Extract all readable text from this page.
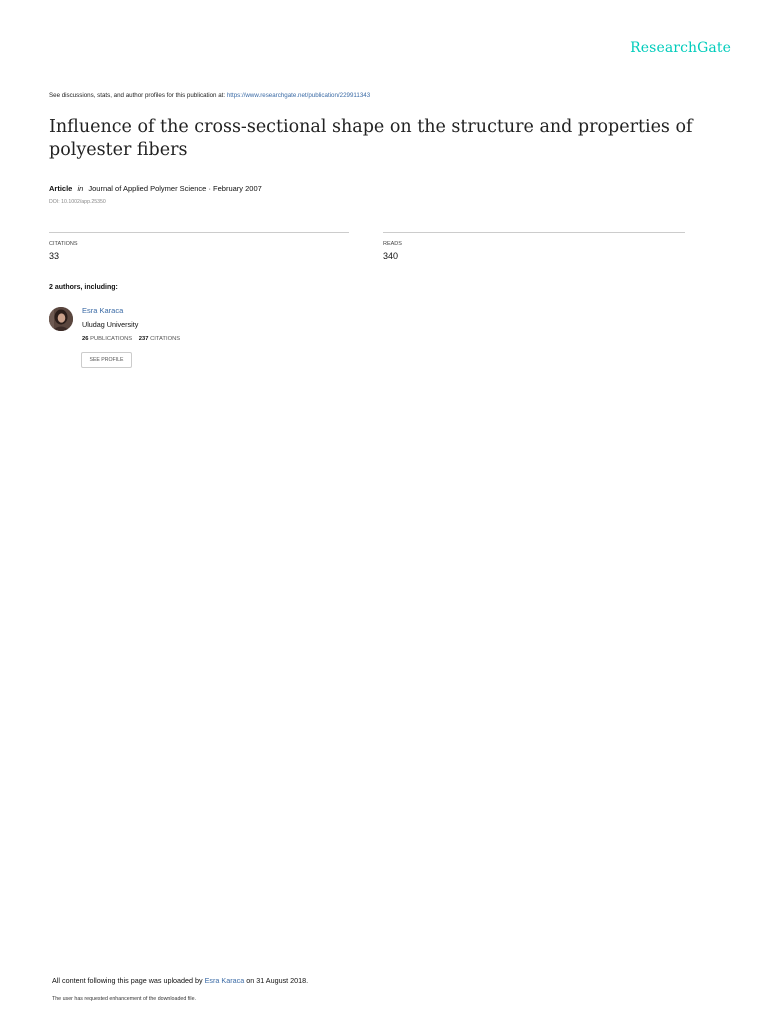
ResearchGate
See discussions, stats, and author profiles for this publication at: https://www.researchgate.net/publication/229911343
Influence of the cross-sectional shape on the structure and properties of polyester fibers
Article in Journal of Applied Polymer Science · February 2007
DOI: 10.1002/app.25350
CITATIONS
33
READS
340
2 authors, including:
Esra Karaca
Uludag University
26 PUBLICATIONS 237 CITATIONS
SEE PROFILE
All content following this page was uploaded by Esra Karaca on 31 August 2018.
The user has requested enhancement of the downloaded file.
